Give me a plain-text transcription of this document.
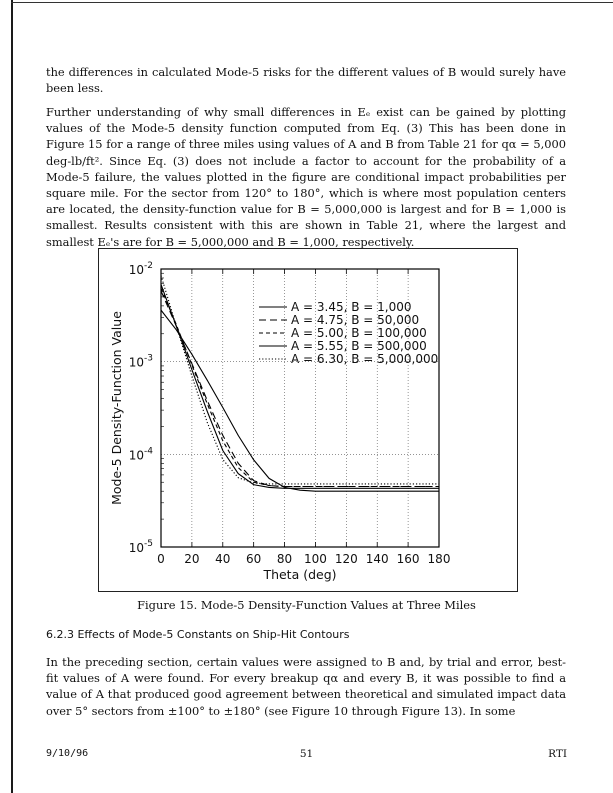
the differences in calculated Mode-5 risks for the different values of B would surely have been less.
Further understanding of why small differences in Eₑ exist can be gained by plotting values of the Mode-5 density function computed from Eq. (3) This has been done in Figure 15 for a range of three miles using values of A and B from Table 21 for qα = 5,000 deg-lb/ft². Since Eq. (3) does not include a factor to account for the probability of a Mode-5 failure, the values plotted in the figure are conditional impact probabilities per square mile. For the sector from 120° to 180°, which is where most population centers are located, the density-function value for B = 5,000,000 is largest and for B = 1,000 is smallest. Results consistent with this are shown in Table 21, where the largest and smallest Eₑ's are for B = 5,000,000 and B = 1,000, respectively.
0 20 40 60 80 100 120 140 160 180
$10^{-2}$
$10^{-3}$
$10^{-4}$
$10^{-5}$
Theta (deg)
Mode-5 Density-Function Value
A = 3.45, B = 1,000
A = 4.75, B = 50,000
A = 5.00, B = 100,000
A = 5.55, B = 500,000
A = 6.30, B = 5,000,000
Figure 15. Mode-5 Density-Function Values at Three Miles
6.2.3 Effects of Mode-5 Constants on Ship-Hit Contours
In the preceding section, certain values were assigned to B and, by trial and error, best-fit values of A were found. For every breakup qα and every B, it was possible to find a value of A that produced good agreement between theoretical and simulated impact data over 5° sectors from ±100° to ±180° (see Figure 10 through Figure 13). In some
9/10/96	51	RTI
